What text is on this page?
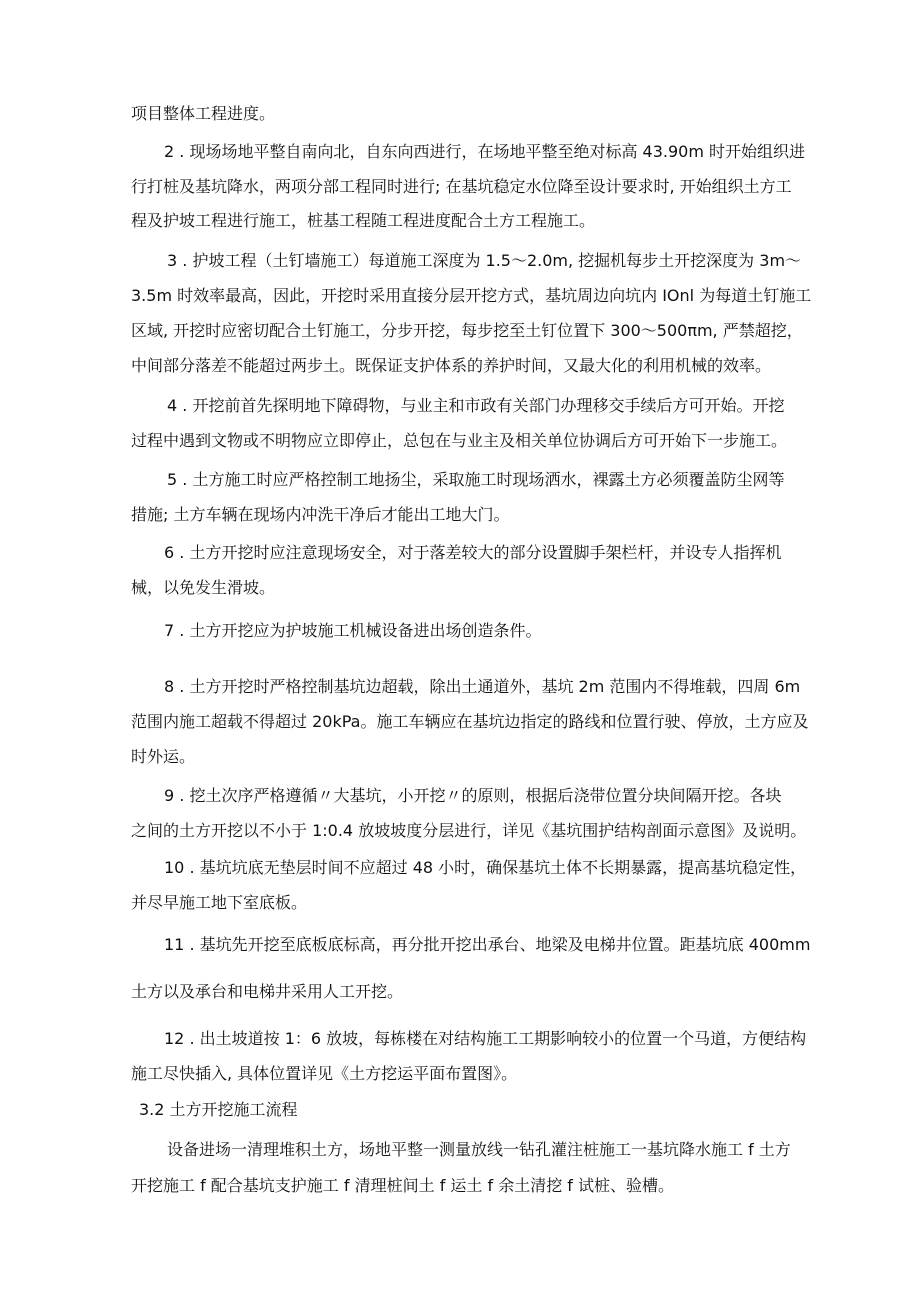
项目整体工程进度。
2 . 现场场地平整自南向北，自东向西进行，在场地平整至绝对标高 43.90m 时开始组织进
行打桩及基坑降水，两项分部工程同时进行; 在基坑稳定水位降至设计要求时, 开始组织土方工
程及护坡工程进行施工，桩基工程随工程进度配合土方工程施工。
3 . 护坡工程（土钉墙施工）每道施工深度为 1.5～2.0m, 挖掘机每步土开挖深度为 3m～
3.5m 时效率最高，因此，开挖时采用直接分层开挖方式，基坑周边向坑内 IOnl 为每道土钉施工
区域, 开挖时应密切配合土钉施工，分步开挖，每步挖至土钉位置下 300～500πm, 严禁超挖，
中间部分落差不能超过两步土。既保证支护体系的养护时间，又最大化的利用机械的效率。
4 . 开挖前首先探明地下障碍物，与业主和市政有关部门办理移交手续后方可开始。开挖
过程中遇到文物或不明物应立即停止，总包在与业主及相关单位协调后方可开始下一步施工。
5 . 土方施工时应严格控制工地扬尘，采取施工时现场洒水，裸露土方必须覆盖防尘网等
措施; 土方车辆在现场内冲洗干净后才能出工地大门。
6 . 土方开挖时应注意现场安全，对于落差较大的部分设置脚手架栏杆，并设专人指挥机
械，以免发生滑坡。
7 . 土方开挖应为护坡施工机械设备进出场创造条件。
8 . 土方开挖时严格控制基坑边超载，除出土通道外，基坑 2m 范围内不得堆载，四周 6m
范围内施工超载不得超过 20kPa。施工车辆应在基坑边指定的路线和位置行驶、停放，土方应及
时外运。
9 . 挖土次序严格遵循〃大基坑，小开挖〃的原则，根据后浇带位置分块间隔开挖。各块
之间的土方开挖以不小于 1:0.4 放坡坡度分层进行，详见《基坑围护结构剖面示意图》及说明。
10 . 基坑坑底无垫层时间不应超过 48 小时，确保基坑土体不长期暴露，提高基坑稳定性，
并尽早施工地下室底板。
11 . 基坑先开挖至底板底标高，再分批开挖出承台、地梁及电梯井位置。距基坑底 400mm
土方以及承台和电梯井采用人工开挖。
12 . 出土坡道按 1：6 放坡，每栋楼在对结构施工工期影响较小的位置一个马道，方便结构
施工尽快插入, 具体位置详见《土方挖运平面布置图》。
3.2 土方开挖施工流程
设备进场一清理堆积土方，场地平整一测量放线一钻孔灌注桩施工一基坑降水施工 f 土方
开挖施工 f 配合基坑支护施工 f 清理桩间土 f 运土 f 余土清挖 f 试桩、验槽。
